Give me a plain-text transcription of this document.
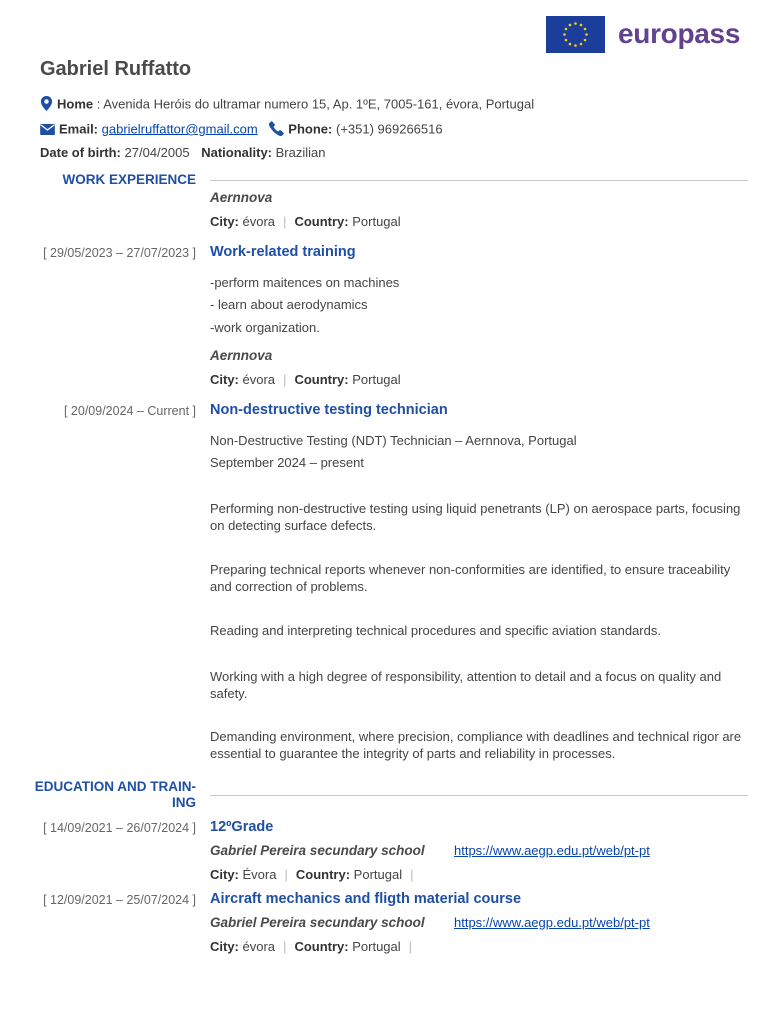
europass
Gabriel Ruffatto
Home : Avenida Heróis do ultramar numero 15, Ap. 1ºE, 7005-161, évora, Portugal
Email: gabrielruffattor@gmail.com Phone: (+351) 969266516
Date of birth: 27/04/2005 Nationality: Brazilian
WORK EXPERIENCE
Aernnova
City: évora | Country: Portugal
[ 29/05/2023 – 27/07/2023 ] Work-related training
-perform maitences on machines
- learn about aerodynamics
-work organization.
Aernnova
City: évora | Country: Portugal
[ 20/09/2024 – Current ] Non-destructive testing technician
Non-Destructive Testing (NDT) Technician – Aernnova, Portugal
September 2024 – present
Performing non-destructive testing using liquid penetrants (LP) on aerospace parts, focusing on detecting surface defects.
Preparing technical reports whenever non-conformities are identified, to ensure traceability and correction of problems.
Reading and interpreting technical procedures and specific aviation standards.
Working with a high degree of responsibility, attention to detail and a focus on quality and safety.
Demanding environment, where precision, compliance with deadlines and technical rigor are essential to guarantee the integrity of parts and reliability in processes.
EDUCATION AND TRAIN-
ING
[ 14/09/2021 – 26/07/2024 ] 12ºGrade
Gabriel Pereira secundary school https://www.aegp.edu.pt/web/pt-pt
City: Évora | Country: Portugal |
[ 12/09/2021 – 25/07/2024 ] Aircraft mechanics and fligth material course
Gabriel Pereira secundary school https://www.aegp.edu.pt/web/pt-pt
City: évora | Country: Portugal |
